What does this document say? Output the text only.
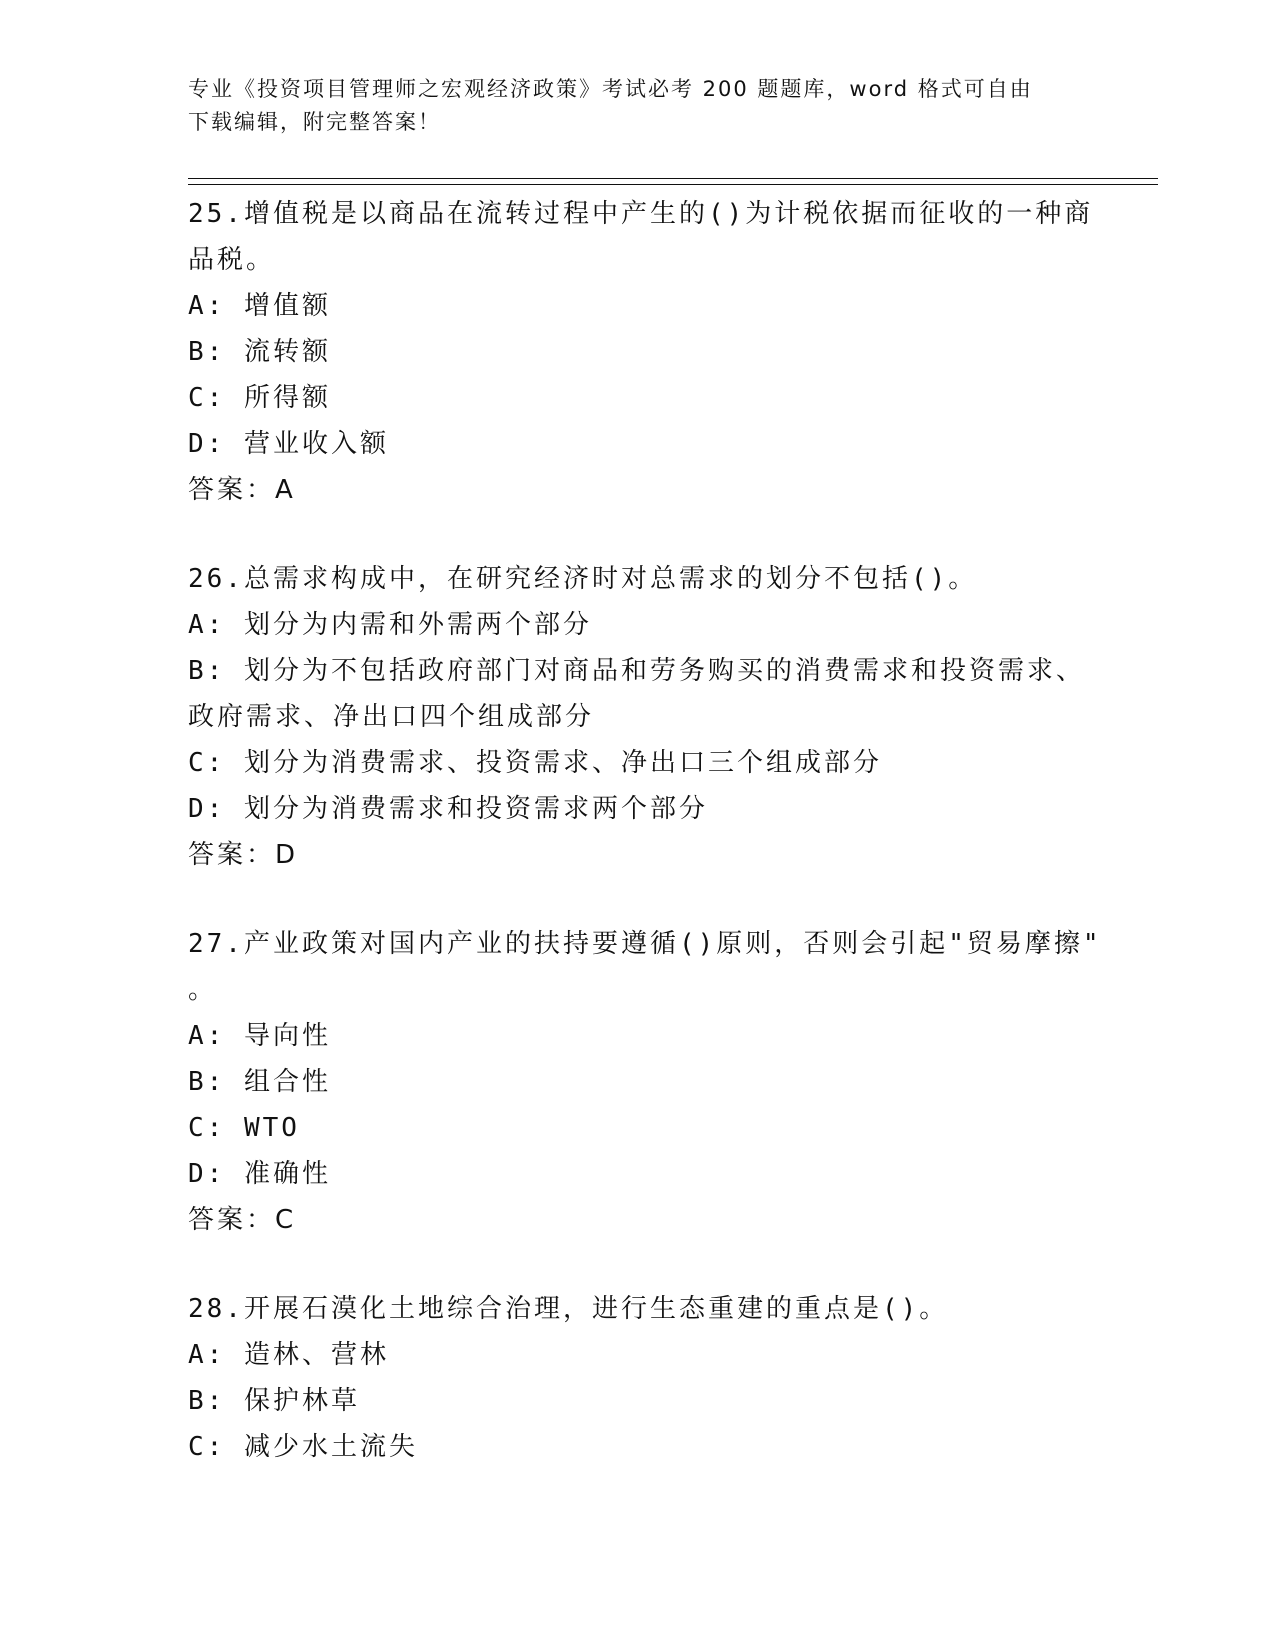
专业《投资项目管理师之宏观经济政策》考试必考 200 题题库，word 格式可自由
下载编辑，附完整答案！
25.增值税是以商品在流转过程中产生的()为计税依据而征收的一种商
品税。
A: 增值额
B: 流转额
C: 所得额
D: 营业收入额
答案：A
26.总需求构成中，在研究经济时对总需求的划分不包括()。
A: 划分为内需和外需两个部分
B: 划分为不包括政府部门对商品和劳务购买的消费需求和投资需求、
政府需求、净出口四个组成部分
C: 划分为消费需求、投资需求、净出口三个组成部分
D: 划分为消费需求和投资需求两个部分
答案：D
27.产业政策对国内产业的扶持要遵循()原则，否则会引起"贸易摩擦"
。
A: 导向性
B: 组合性
C: WTO
D: 准确性
答案：C
28.开展石漠化土地综合治理，进行生态重建的重点是()。
A: 造林、营林
B: 保护林草
C: 减少水土流失
